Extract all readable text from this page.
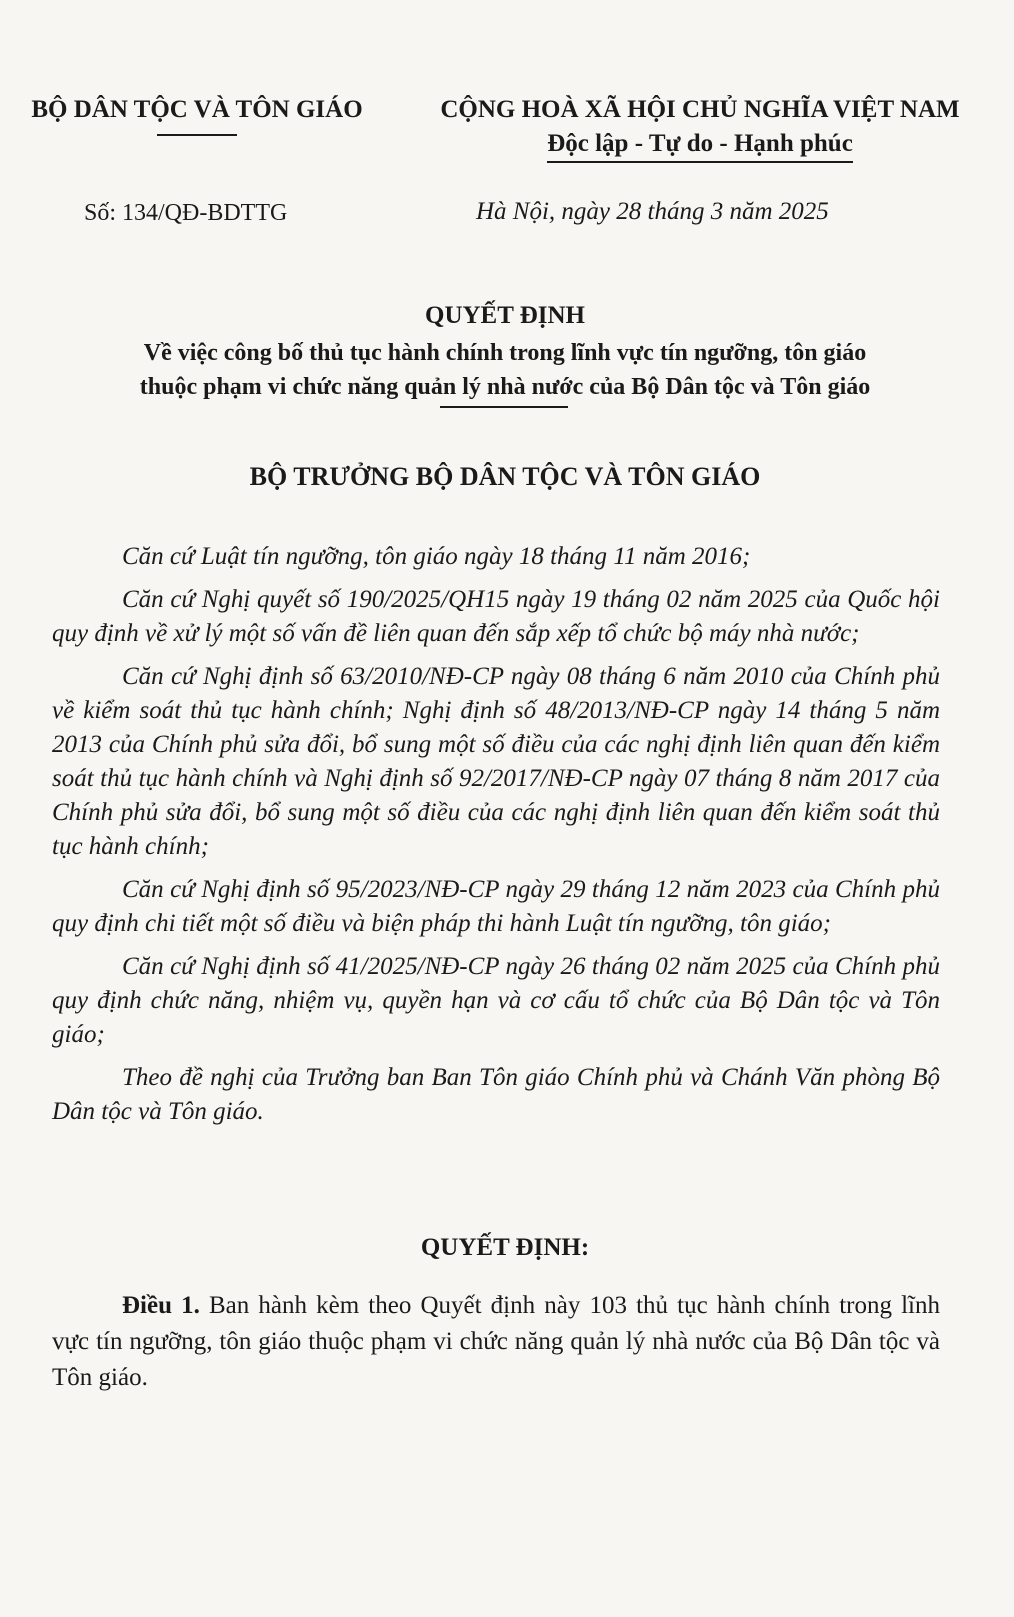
BỘ DÂN TỘC VÀ TÔN GIÁO	CỘNG HOÀ XÃ HỘI CHỦ NGHĨA VIỆT NAM
Độc lập - Tự do - Hạnh phúc
Số: 134/QĐ-BDTTG	Hà Nội, ngày 28 tháng 3 năm 2025
QUYẾT ĐỊNH
Về việc công bố thủ tục hành chính trong lĩnh vực tín ngưỡng, tôn giáo
thuộc phạm vi chức năng quản lý nhà nước của Bộ Dân tộc và Tôn giáo
BỘ TRƯỞNG BỘ DÂN TỘC VÀ TÔN GIÁO

Căn cứ Luật tín ngưỡng, tôn giáo ngày 18 tháng 11 năm 2016;

Căn cứ Nghị quyết số 190/2025/QH15 ngày 19 tháng 02 năm 2025 của Quốc hội quy định về xử lý một số vấn đề liên quan đến sắp xếp tổ chức bộ máy nhà nước;

Căn cứ Nghị định số 63/2010/NĐ-CP ngày 08 tháng 6 năm 2010 của Chính phủ về kiểm soát thủ tục hành chính; Nghị định số 48/2013/NĐ-CP ngày 14 tháng 5 năm 2013 của Chính phủ sửa đổi, bổ sung một số điều của các nghị định liên quan đến kiểm soát thủ tục hành chính và Nghị định số 92/2017/NĐ-CP ngày 07 tháng 8 năm 2017 của Chính phủ sửa đổi, bổ sung một số điều của các nghị định liên quan đến kiểm soát thủ tục hành chính;

Căn cứ Nghị định số 95/2023/NĐ-CP ngày 29 tháng 12 năm 2023 của Chính phủ quy định chi tiết một số điều và biện pháp thi hành Luật tín ngưỡng, tôn giáo;

Căn cứ Nghị định số 41/2025/NĐ-CP ngày 26 tháng 02 năm 2025 của Chính phủ quy định chức năng, nhiệm vụ, quyền hạn và cơ cấu tổ chức của Bộ Dân tộc và Tôn giáo;

Theo đề nghị của Trưởng ban Ban Tôn giáo Chính phủ và Chánh Văn phòng Bộ Dân tộc và Tôn giáo.

QUYẾT ĐỊNH:
Điều 1. Ban hành kèm theo Quyết định này 103 thủ tục hành chính trong lĩnh vực tín ngưỡng, tôn giáo thuộc phạm vi chức năng quản lý nhà nước của Bộ Dân tộc và Tôn giáo.
